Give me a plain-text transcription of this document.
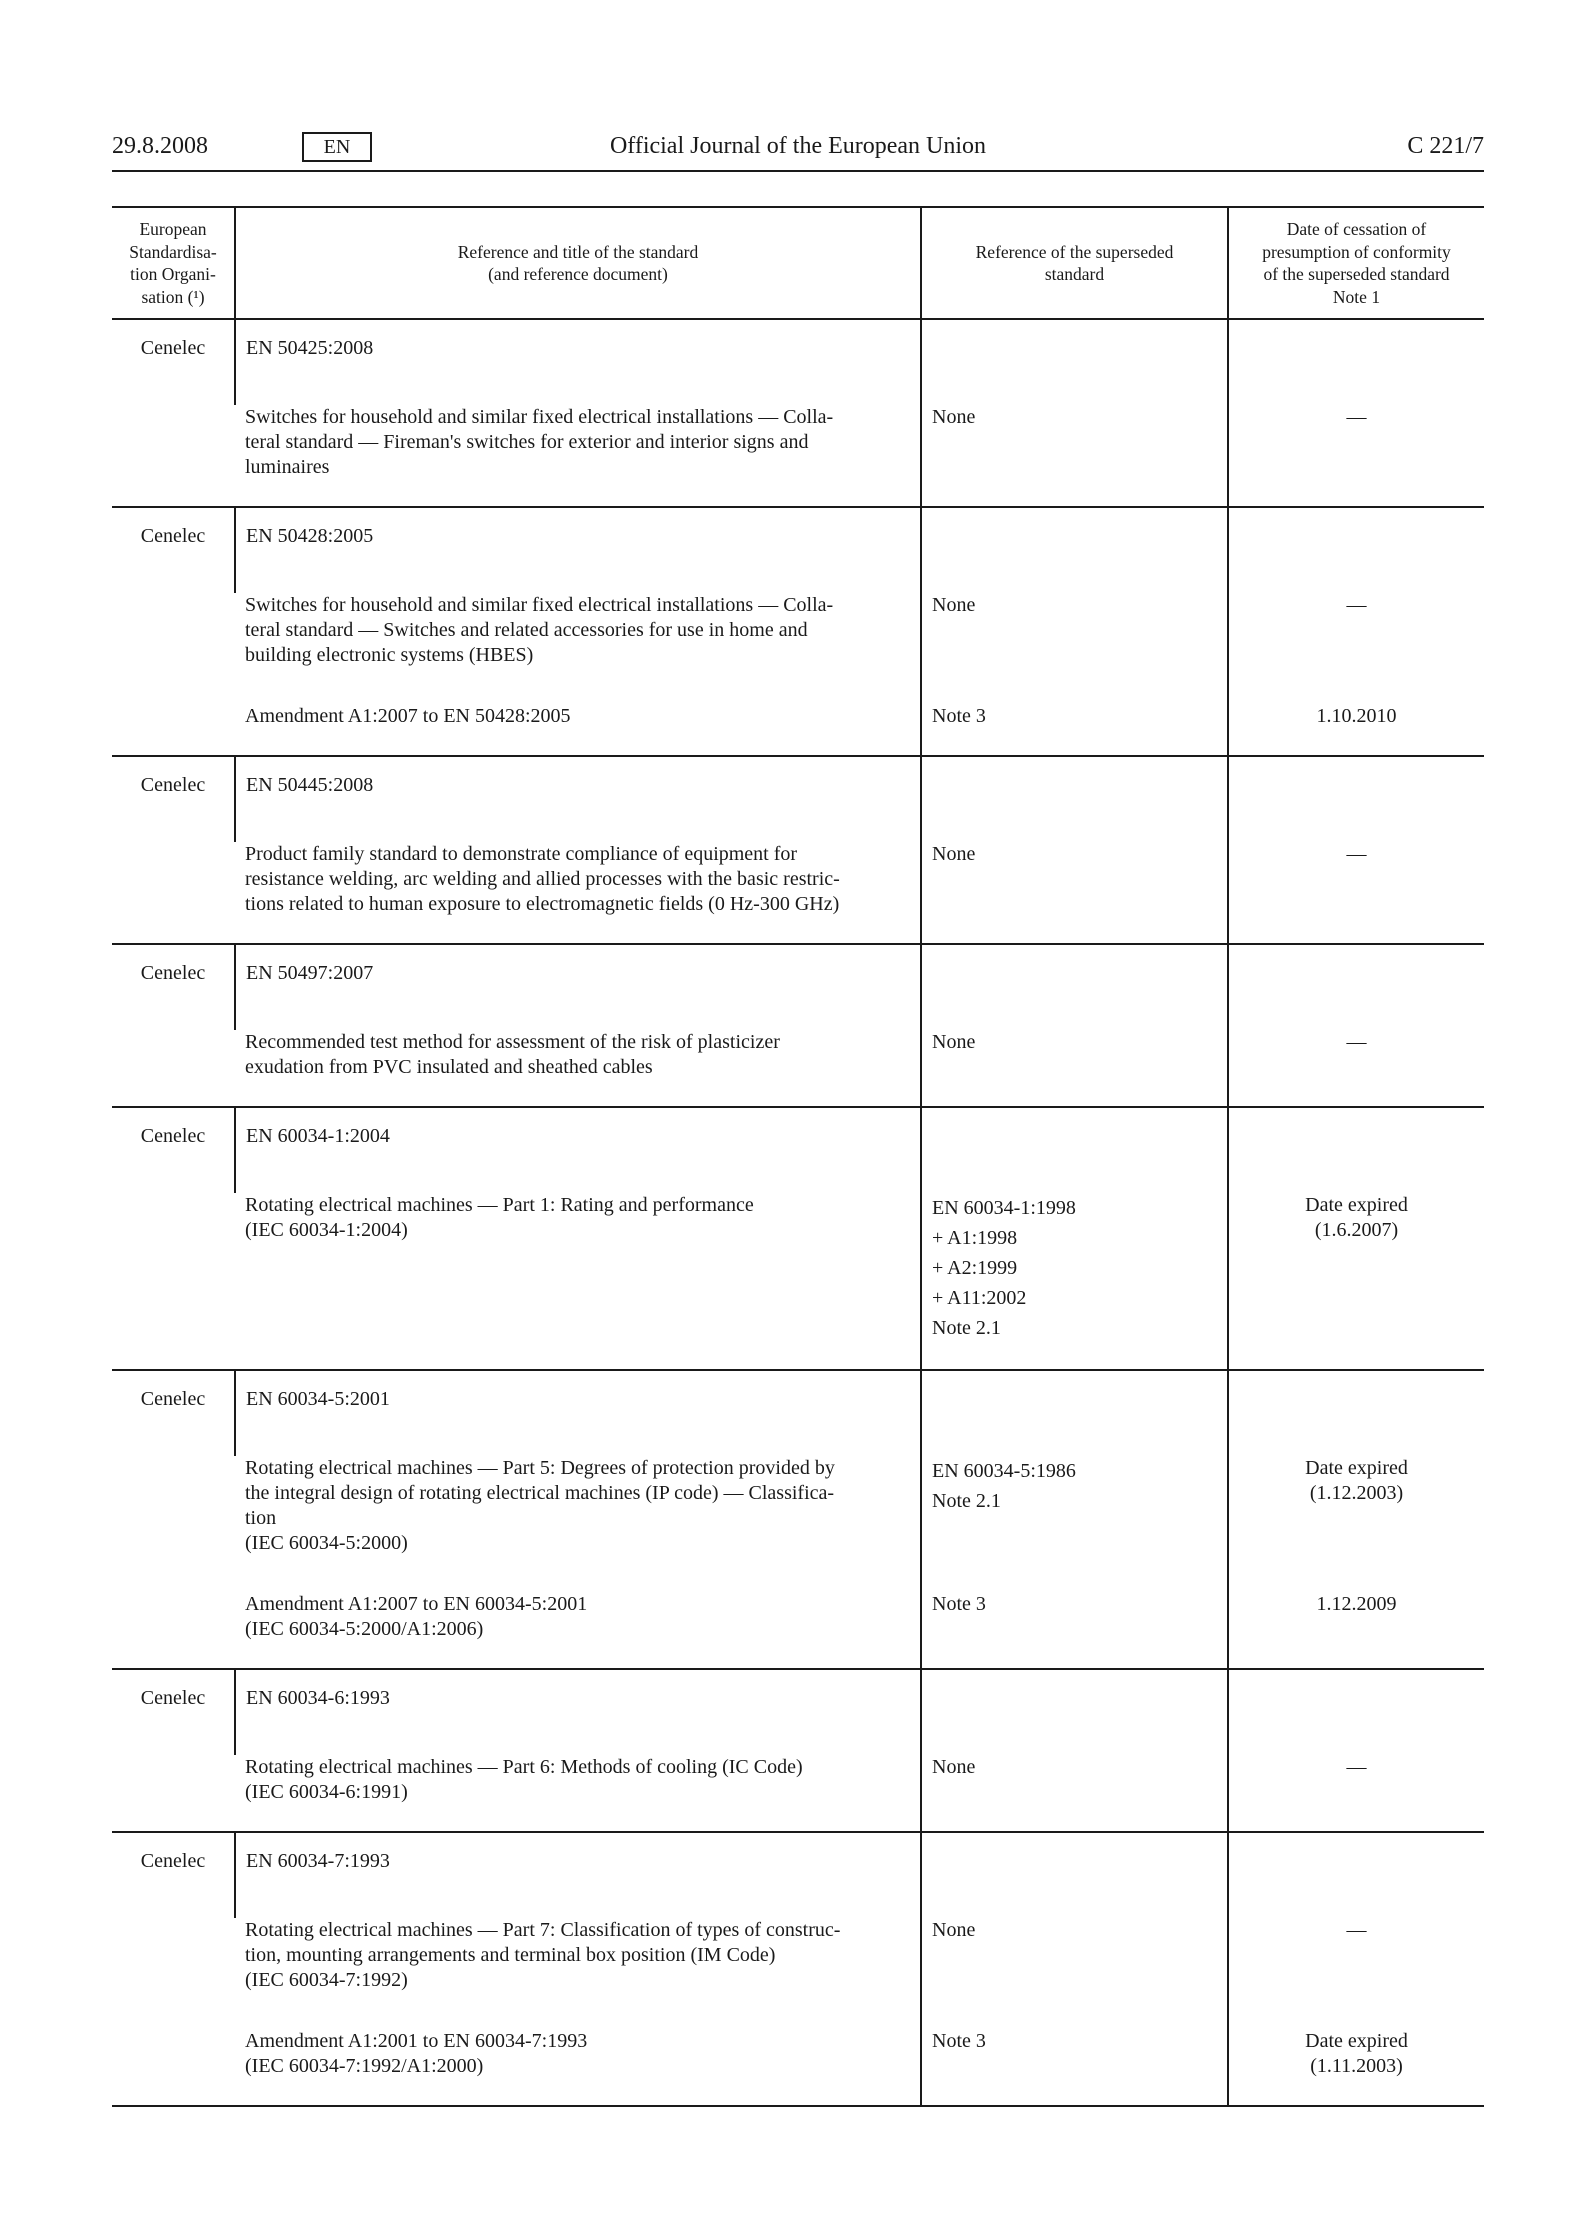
29.8.2008	EN	Official Journal of the European Union	C 221/7
European
Standardisa-
tion Organi-
sation (¹)	Reference and title of the standard
(and reference document)	Reference of the superseded
standard	Date of cessation of
presumption of conformity
of the superseded standard
Note 1

Cenelec	EN 50425:2008		

	Switches for household and similar fixed electrical installations — Colla-
teral standard — Fireman's switches for exterior and interior signs and
luminaires	None	—

Cenelec	EN 50428:2005		

	Switches for household and similar fixed electrical installations — Colla-
teral standard — Switches and related accessories for use in home and
building electronic systems (HBES)	None	—

	Amendment A1:2007 to EN 50428:2005	Note 3	1.10.2010

Cenelec	EN 50445:2008		

	Product family standard to demonstrate compliance of equipment for
resistance welding, arc welding and allied processes with the basic restric-
tions related to human exposure to electromagnetic fields (0 Hz-300 GHz)	None	—

Cenelec	EN 50497:2007		

	Recommended test method for assessment of the risk of plasticizer
exudation from PVC insulated and sheathed cables	None	—

Cenelec	EN 60034-1:2004		

	Rotating electrical machines — Part 1: Rating and performance
(IEC 60034-1:2004)	EN 60034-1:1998
+ A1:1998
+ A2:1999
+ A11:2002
Note 2.1	Date expired
(1.6.2007)

Cenelec	EN 60034-5:2001		

	Rotating electrical machines — Part 5: Degrees of protection provided by
the integral design of rotating electrical machines (IP code) — Classifica-
tion
(IEC 60034-5:2000)	EN 60034-5:1986
Note 2.1	Date expired
(1.12.2003)

	Amendment A1:2007 to EN 60034-5:2001
(IEC 60034-5:2000/A1:2006)	Note 3	1.12.2009

Cenelec	EN 60034-6:1993		

	Rotating electrical machines — Part 6: Methods of cooling (IC Code)
(IEC 60034-6:1991)	None	—

Cenelec	EN 60034-7:1993		

	Rotating electrical machines — Part 7: Classification of types of construc-
tion, mounting arrangements and terminal box position (IM Code)
(IEC 60034-7:1992)	None	—

	Amendment A1:2001 to EN 60034-7:1993
(IEC 60034-7:1992/A1:2000)	Note 3	Date expired
(1.11.2003)
